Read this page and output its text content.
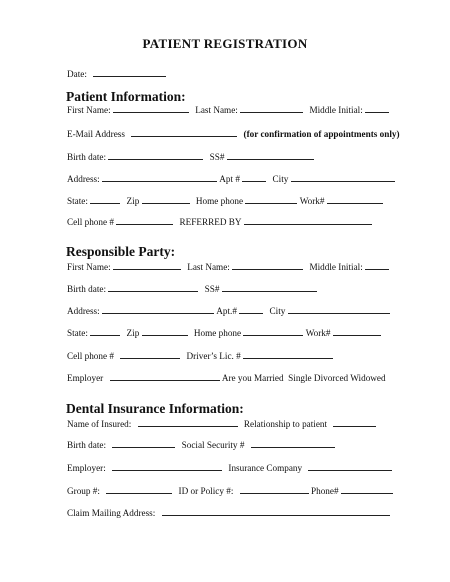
PATIENT REGISTRATION
Date:
Patient Information:
First Name:	Last Name:	Middle Initial:
E-Mail Address	(for confirmation of appointments only)
Birth date:	SS#
Address:	Apt #	City
State:	Zip	Home phone	Work#
Cell phone #	REFERRED BY
Responsible Party:
First Name:	Last Name:	Middle Initial:
Birth date:	SS#
Address:	Apt.#	City
State:	Zip	Home phone	Work#
Cell phone #	Driver’s Lic. #
Employer	Are you Married  Single Divorced Widowed
Dental Insurance Information:
Name of Insured:	Relationship to patient
Birth date:	Social Security #
Employer:	Insurance Company
Group #:	ID or Policy #:	Phone#
Claim Mailing Address:
